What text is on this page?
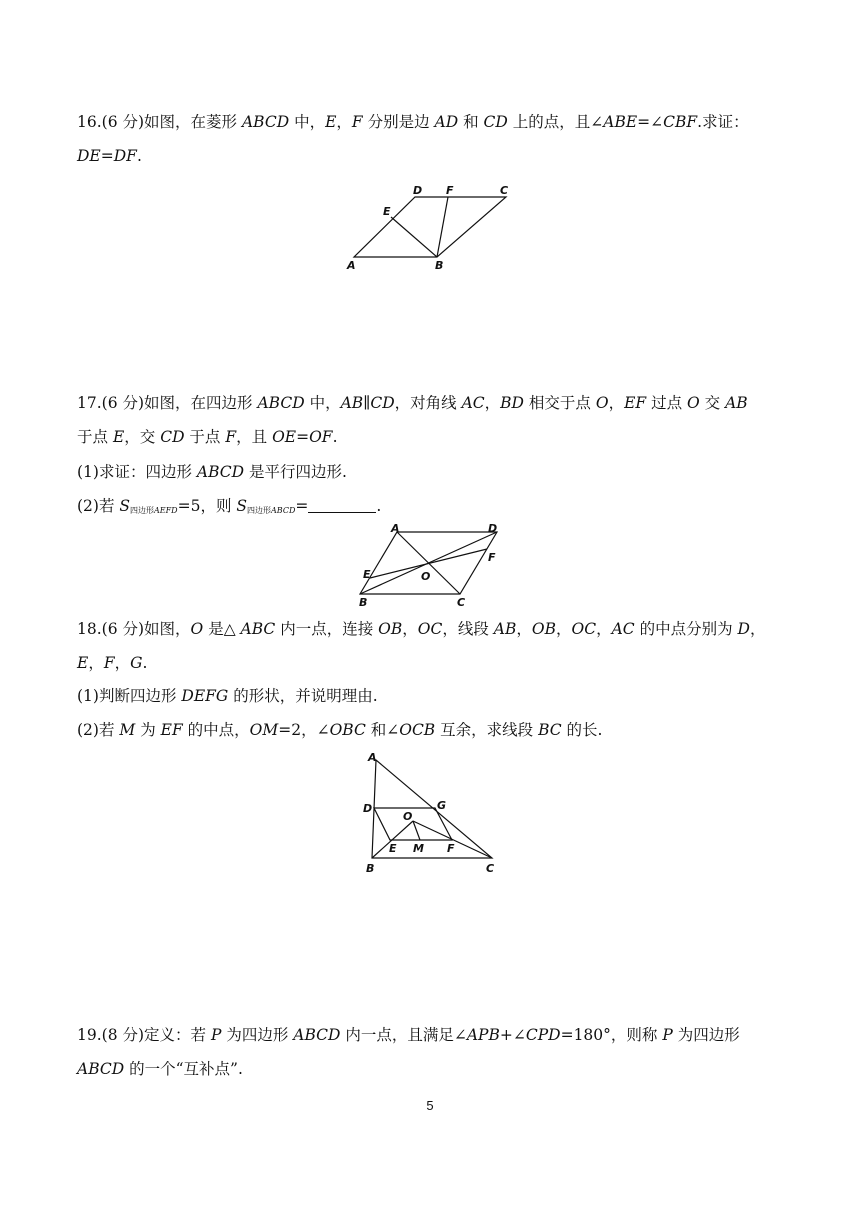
16.(6 分)如图，在菱形 ABCD 中，E，F 分别是边 AD 和 CD 上的点，且∠ABE=∠CBF.求证：
DE=DF.
A	B
C
D
E
F
17.(6 分)如图，在四边形 ABCD 中，AB∥CD，对角线 AC，BD 相交于点 O，EF 过点 O 交 AB
于点 E，交 CD 于点 F，且 OE=OF.
(1)求证：四边形 ABCD 是平行四边形.
(2)若 $S_{四边形AEFD}=5$，则 $S_{四边形ABCD}=$	.
A
B	C
D
E
F
O
18.(6 分)如图，O 是△ ABC 内一点，连接 OB，OC，线段 AB，OB，OC，AC 的中点分别为 D，
E，F，G.
(1)判断四边形 DEFG 的形状，并说明理由.
(2)若 M 为 EF 的中点，OM=2，∠OBC 和∠OCB 互余，求线段 BC 的长.
A
B	C
D
E	F
G
M
O
19.(8 分)定义：若 P 为四边形 ABCD 内一点，且满足∠APB+∠CPD=180°，则称 P 为四边形
ABCD 的一个“互补点”.
5
